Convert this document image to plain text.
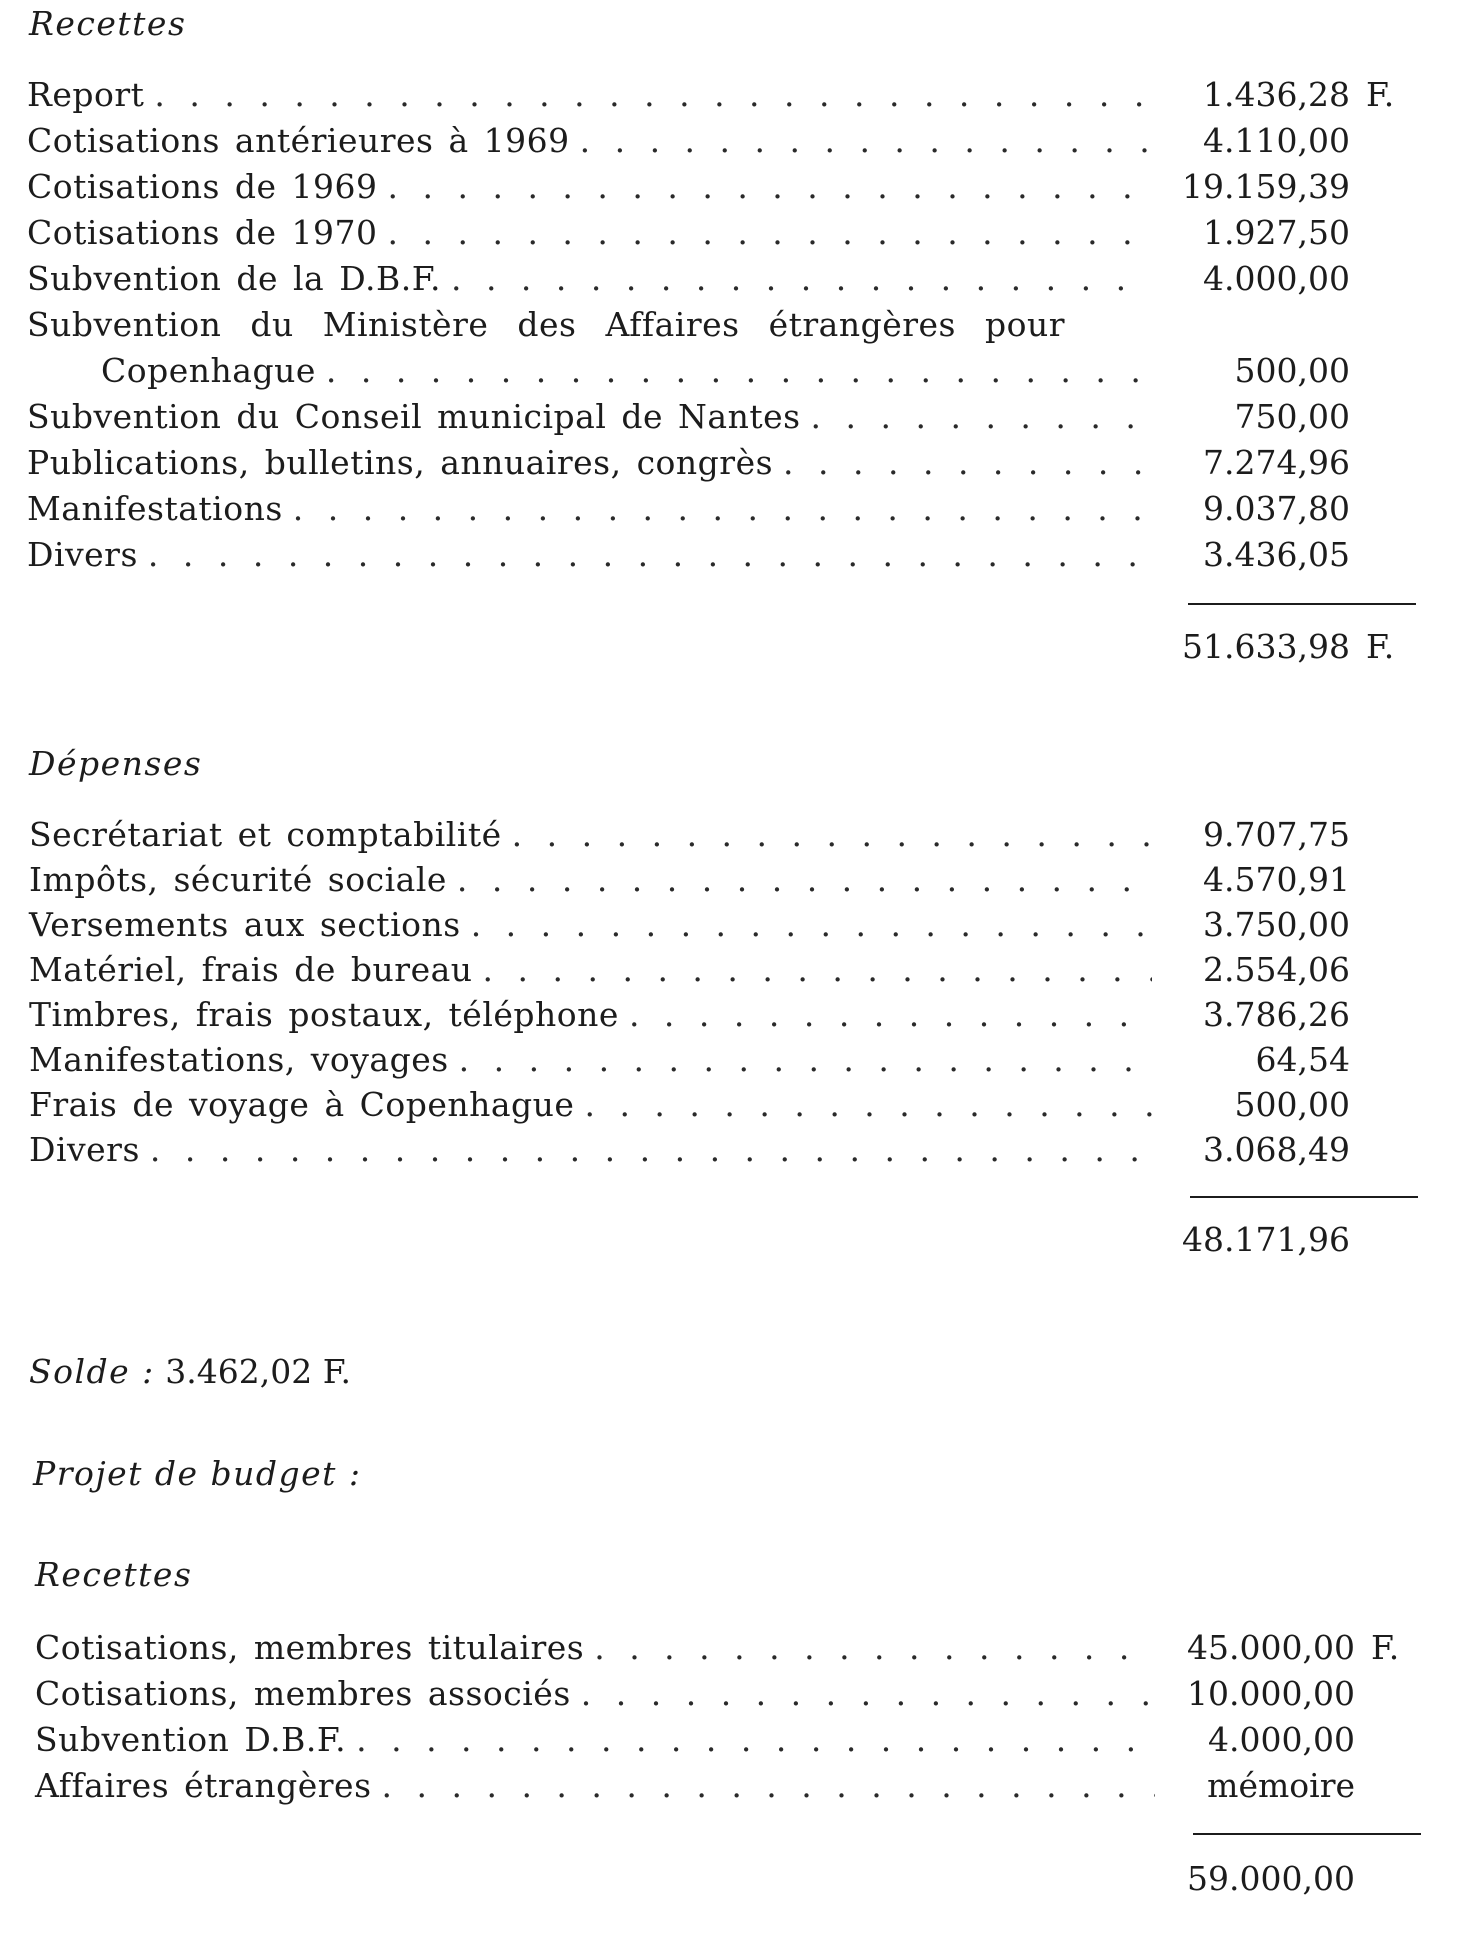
Recettes
Report . . .	1.436,28 F.
Cotisations antérieures à 1969 . . .	4.110,00
Cotisations de 1969 . . .	19.159,39
Cotisations de 1970 . . .	1.927,50
Subvention de la D.B.F. . . .	4.000,00
Subvention du Ministère des Affaires étrangères pour
Copenhague . . .	500,00
Subvention du Conseil municipal de Nantes . . .	750,00
Publications, bulletins, annuaires, congrès . . .	7.274,96
Manifestations . . .	9.037,80
Divers . . .	3.436,05
51.633,98 F.
Dépenses
Secrétariat et comptabilité . . .	9.707,75
Impôts, sécurité sociale . . .	4.570,91
Versements aux sections . . .	3.750,00
Matériel, frais de bureau . . .	2.554,06
Timbres, frais postaux, téléphone . . .	3.786,26
Manifestations, voyages . . .	64,54
Frais de voyage à Copenhague . . .	500,00
Divers . . .	3.068,49
48.171,96
Solde : 3.462,02 F.
Projet de budget :
Recettes
Cotisations, membres titulaires . . .	45.000,00 F.
Cotisations, membres associés . . .	10.000,00
Subvention D.B.F. . . .	4.000,00
Affaires étrangères . . .	mémoire
59.000,00
